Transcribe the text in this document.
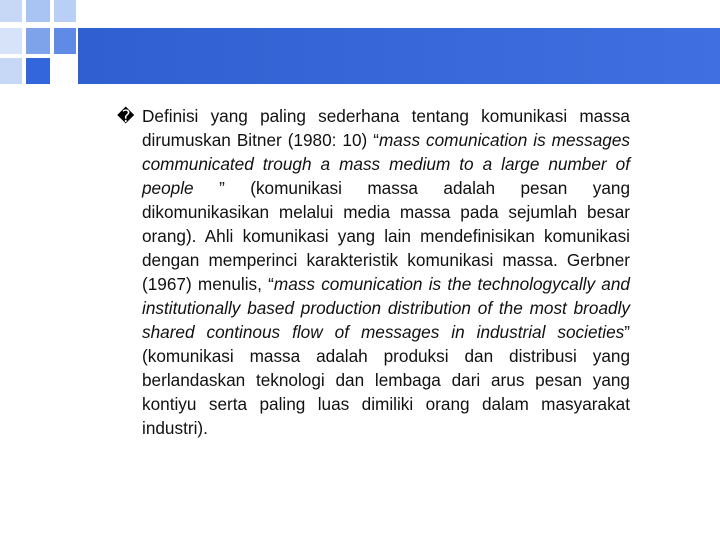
� Definisi yang paling sederhana tentang komunikasi massa dirumuskan Bitner (1980: 10) “mass comunication is messages communicated trough a mass medium to a large number of people ” (komunikasi massa adalah pesan yang dikomunikasikan melalui media massa pada sejumlah besar orang). Ahli komunikasi yang lain mendefinisikan komunikasi dengan memperinci karakteristik komunikasi massa. Gerbner (1967) menulis, “mass comunication is the technologycally and institutionally based production distribution of the most broadly shared continous flow of messages in industrial societies” (komunikasi massa adalah produksi dan distribusi yang berlandaskan teknologi dan lembaga dari arus pesan yang kontiyu serta paling luas dimiliki orang dalam masyarakat industri).
